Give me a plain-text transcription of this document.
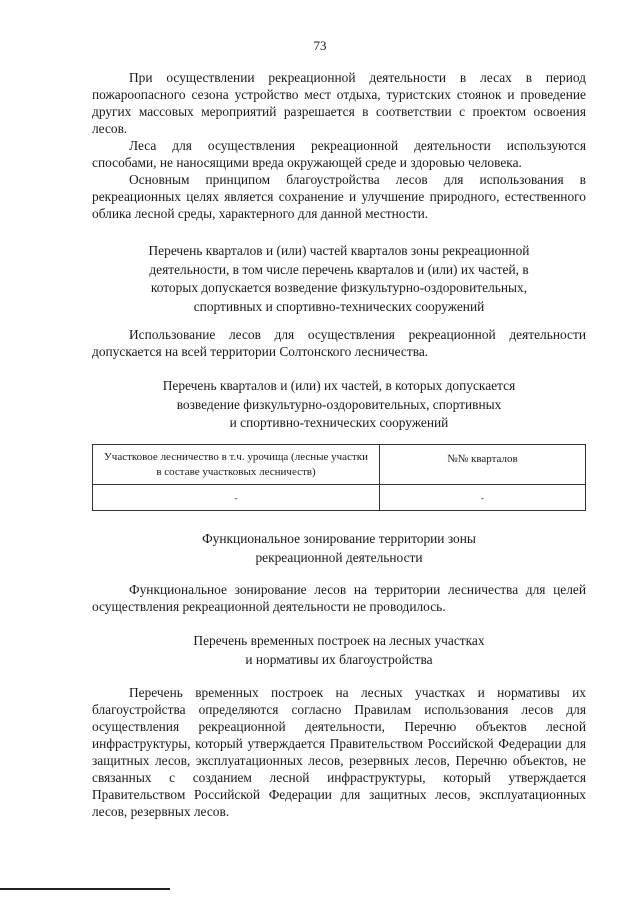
73

При осуществлении рекреационной деятельности в лесах в период пожароопасного сезона устройство мест отдыха, туристских стоянок и проведение других массовых мероприятий разрешается в соответствии с проектом освоения лесов.

Леса для осуществления рекреационной деятельности используются способами, не наносящими вреда окружающей среде и здоровью человека.

Основным принципом благоустройства лесов для использования в рекреационных целях является сохранение и улучшение природного, естественного облика лесной среды, характерного для данной местности.

Перечень кварталов и (или) частей кварталов зоны рекреационной
деятельности, в том числе перечень кварталов и (или) их частей, в
которых допускается возведение физкультурно-оздоровительных,
спортивных и спортивно-технических сооружений

Использование лесов для осуществления рекреационной деятельности допускается на всей территории Солтонского лесничества.

Перечень кварталов и (или) их частей, в которых допускается
возведение физкультурно-оздоровительных, спортивных
и спортивно-технических сооружений
Участковое лесничество в т.ч. урочища (лесные участки в составе участковых лесничеств)	№№ кварталов
-	-
Функциональное зонирование территории зоны
рекреационной деятельности

Функциональное зонирование лесов на территории лесничества для целей осуществления рекреационной деятельности не проводилось.

Перечень временных построек на лесных участках
и нормативы их благоустройства

Перечень временных построек на лесных участках и нормативы их благоустройства определяются согласно Правилам использования лесов для осуществления рекреационной деятельности, Перечню объектов лесной инфраструктуры, который утверждается Правительством Российской Федерации для защитных лесов, эксплуатационных лесов, резервных лесов, Перечню объектов, не связанных с созданием лесной инфраструктуры, который утверждается Правительством Российской Федерации для защитных лесов, эксплуатационных лесов, резервных лесов.
